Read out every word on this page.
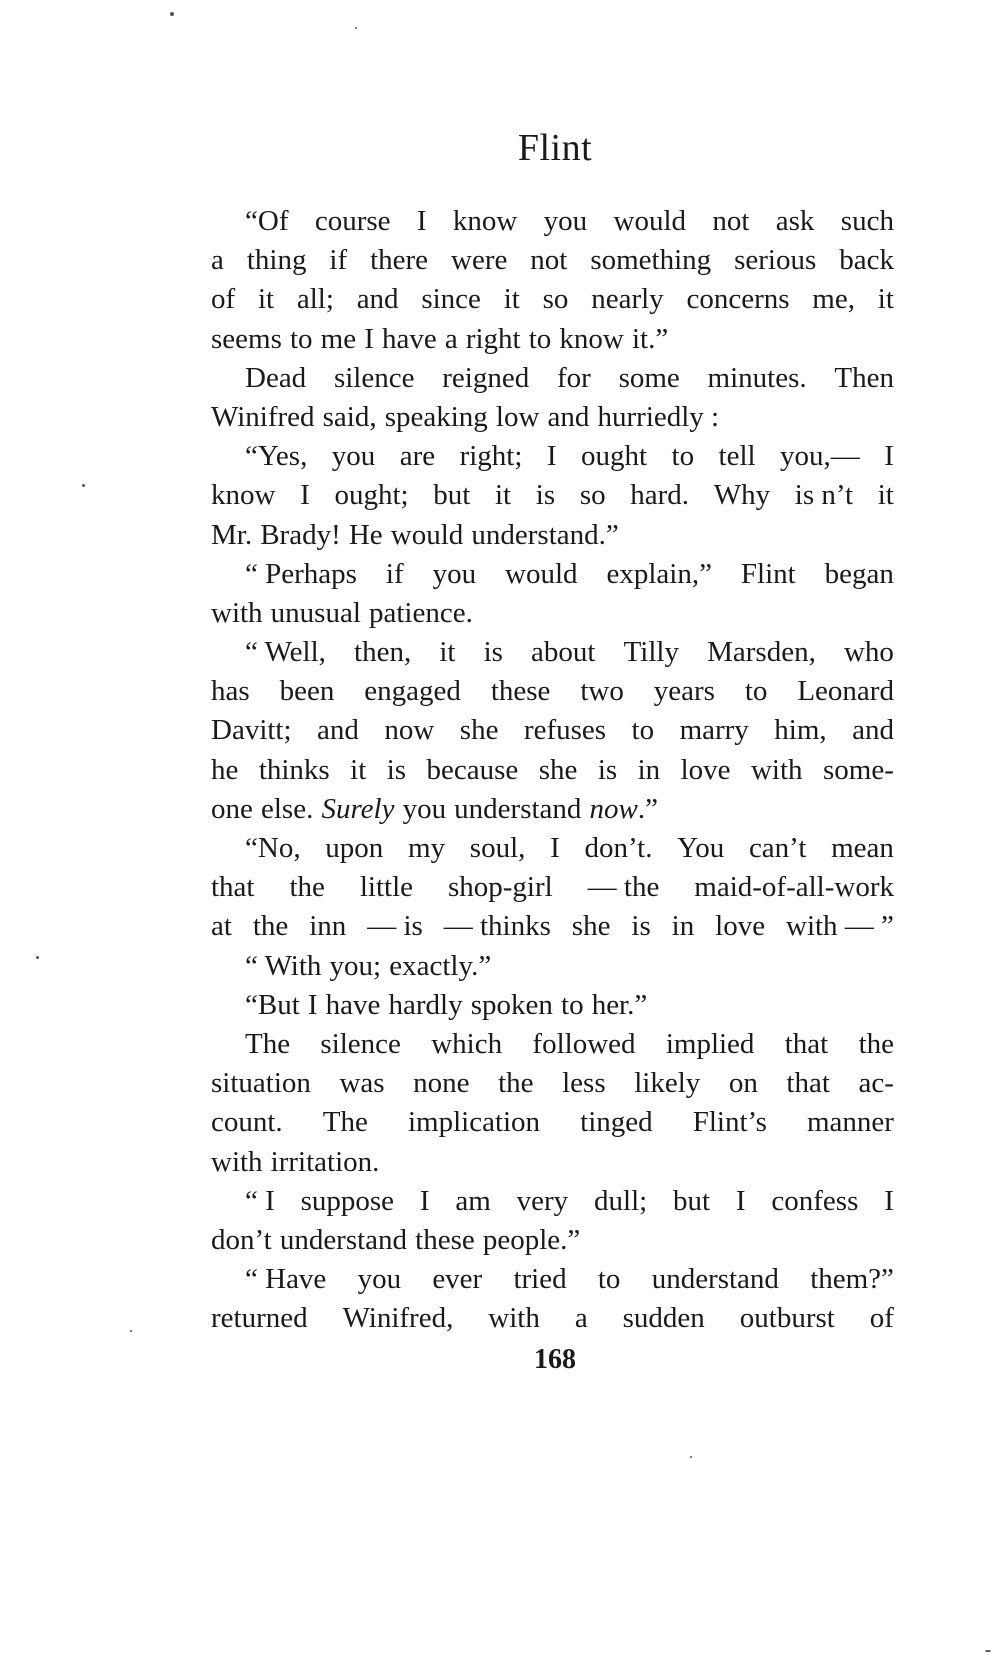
Flint
“Of course I know you would not ask such
a thing if there were not something serious back
of it all; and since it so nearly concerns me, it
seems to me I have a right to know it.”
Dead silence reigned for some minutes. Then
Winifred said, speaking low and hurriedly :
“Yes, you are right; I ought to tell you,— I
know I ought; but it is so hard. Why is n’t it
Mr. Brady! He would understand.”
“ Perhaps if you would explain,” Flint began
with unusual patience.
“ Well, then, it is about Tilly Marsden, who
has been engaged these two years to Leonard
Davitt; and now she refuses to marry him, and
he thinks it is because she is in love with some-
one else. Surely you understand now.”
“No, upon my soul, I don’t. You can’t mean
that the little shop-girl — the maid-of-all-work
at the inn — is — thinks she is in love with — ”
“ With you; exactly.”
“But I have hardly spoken to her.”
The silence which followed implied that the
situation was none the less likely on that ac-
count. The implication tinged Flint’s manner
with irritation.
“ I suppose I am very dull; but I confess I
don’t understand these people.”
“ Have you ever tried to understand them?”
returned Winifred, with a sudden outburst of
168
